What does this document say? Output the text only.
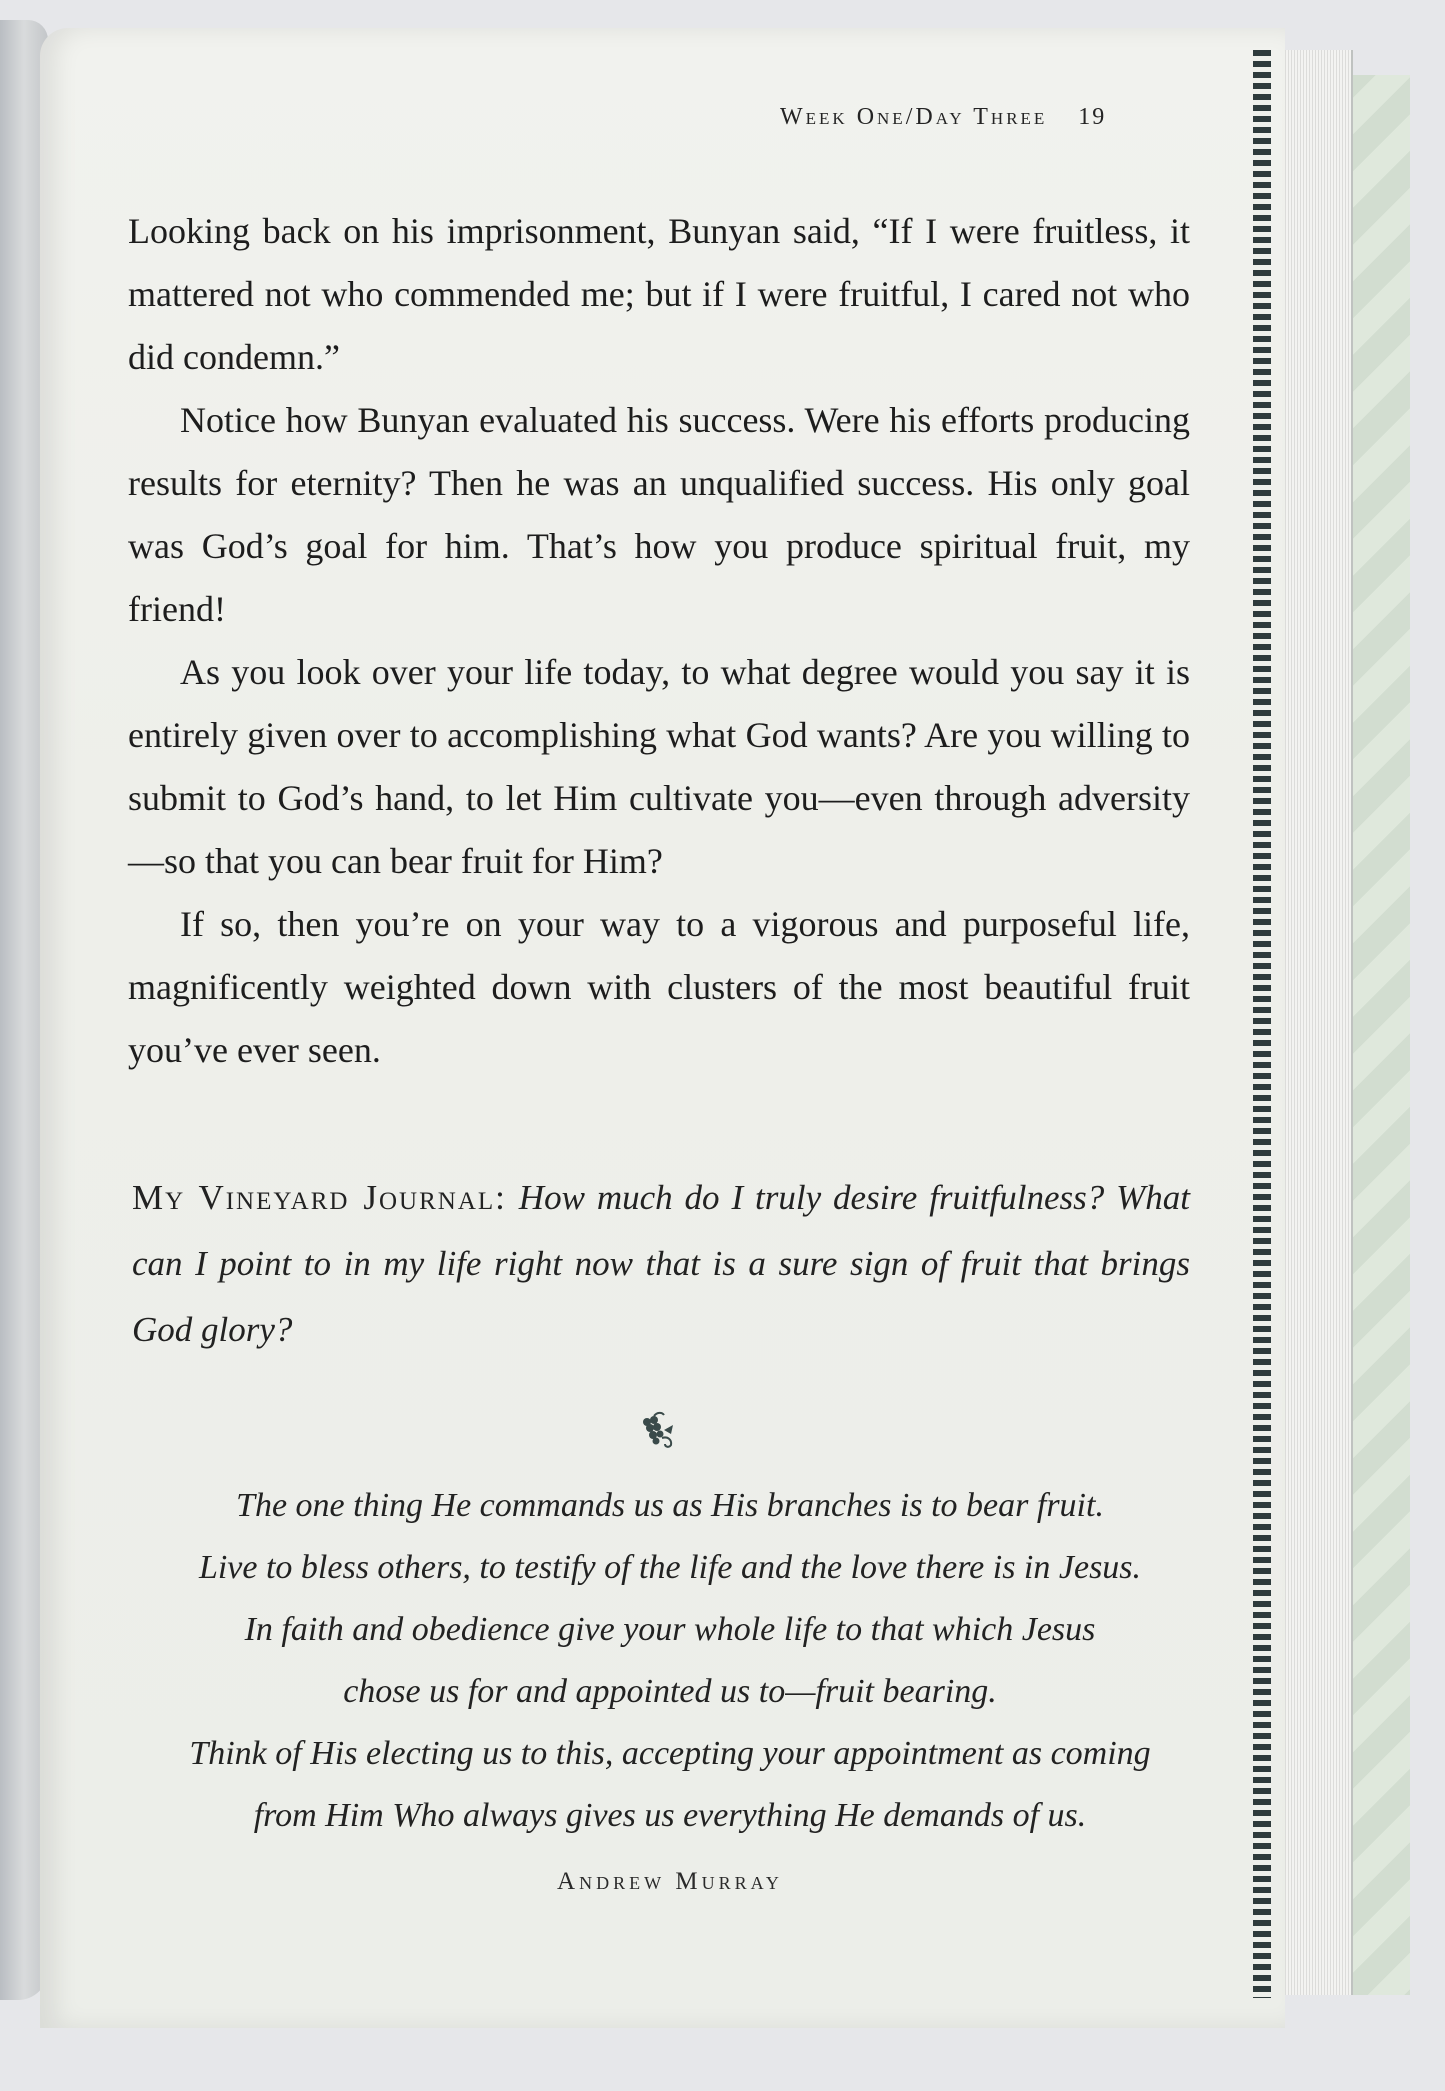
Week One/Day Three 19

Looking back on his imprisonment, Bunyan said, “If I were fruitless, it mattered not who commended me; but if I were fruitful, I cared not who did condemn.”

Notice how Bunyan evaluated his success. Were his efforts producing results for eternity? Then he was an unqualified success. His only goal was God’s goal for him. That’s how you produce spiritual fruit, my friend!

As you look over your life today, to what degree would you say it is entirely given over to accomplishing what God wants? Are you willing to submit to God’s hand, to let Him cultivate you—even through adversity—so that you can bear fruit for Him?

If so, then you’re on your way to a vigorous and purposeful life, magnificently weighted down with clusters of the most beautiful fruit you’ve ever seen.

My Vineyard Journal: How much do I truly desire fruitfulness? What can I point to in my life right now that is a sure sign of fruit that brings God glory?
The one thing He commands us as His branches is to bear fruit.
Live to bless others, to testify of the life and the love there is in Jesus.
In faith and obedience give your whole life to that which Jesus
chose us for and appointed us to—fruit bearing.
Think of His electing us to this, accepting your appointment as coming
from Him Who always gives us everything He demands of us.
Andrew Murray
